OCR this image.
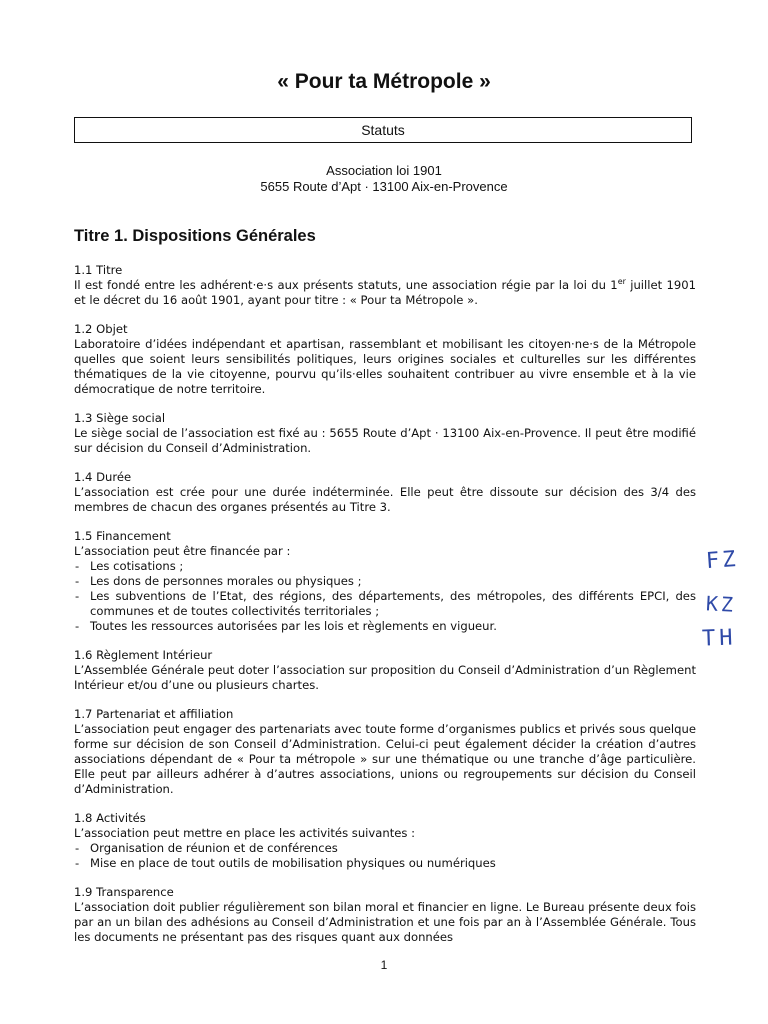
« Pour ta Métropole »
Statuts
Association loi 1901
5655 Route d’Apt · 13100 Aix-en-Provence
Titre 1. Dispositions Générales

1.1 Titre

Il est fondé entre les adhérent·e·s aux présents statuts, une association régie par la loi du 1er juillet 1901 et le décret du 16 août 1901, ayant pour titre : « Pour ta Métropole ».

1.2 Objet

Laboratoire d’idées indépendant et apartisan, rassemblant et mobilisant les citoyen·ne·s de la Métropole quelles que soient leurs sensibilités politiques, leurs origines sociales et culturelles sur les différentes thématiques de la vie citoyenne, pourvu qu’ils·elles souhaitent contribuer au vivre ensemble et à la vie démocratique de notre territoire.

1.3 Siège social

Le siège social de l’association est fixé au : 5655 Route d’Apt · 13100 Aix-en-Provence. Il peut être modifié sur décision du Conseil d’Administration.

1.4 Durée

L’association est crée pour une durée indéterminée. Elle peut être dissoute sur décision des 3/4 des membres de chacun des organes présentés au Titre 3.

1.5 Financement

L’association peut être financée par :

- Les cotisations ;
- Les dons de personnes morales ou physiques ;
- Les subventions de l’Etat, des régions, des départements, des métropoles, des différents EPCI, des communes et de toutes collectivités territoriales ;
- Toutes les ressources autorisées par les lois et règlements en vigueur.

1.6 Règlement Intérieur

L’Assemblée Générale peut doter l’association sur proposition du Conseil d’Administration d’un Règlement Intérieur et/ou d’une ou plusieurs chartes.

1.7 Partenariat et affiliation

L’association peut engager des partenariats avec toute forme d’organismes publics et privés sous quelque forme sur décision de son Conseil d’Administration. Celui-ci peut également décider la création d’autres associations dépendant de « Pour ta métropole » sur une thématique ou une tranche d’âge particulière. Elle peut par ailleurs adhérer à d’autres associations, unions ou regroupements sur décision du Conseil d’Administration.

1.8 Activités

L’association peut mettre en place les activités suivantes :

- Organisation de réunion et de conférences
- Mise en place de tout outils de mobilisation physiques ou numériques

1.9 Transparence

L’association doit publier régulièrement son bilan moral et financier en ligne. Le Bureau présente deux fois par an un bilan des adhésions au Conseil d’Administration et une fois par an à l’Assemblée Générale. Tous les documents ne présentant pas des risques quant aux données

1
FZ
KZ
TH
